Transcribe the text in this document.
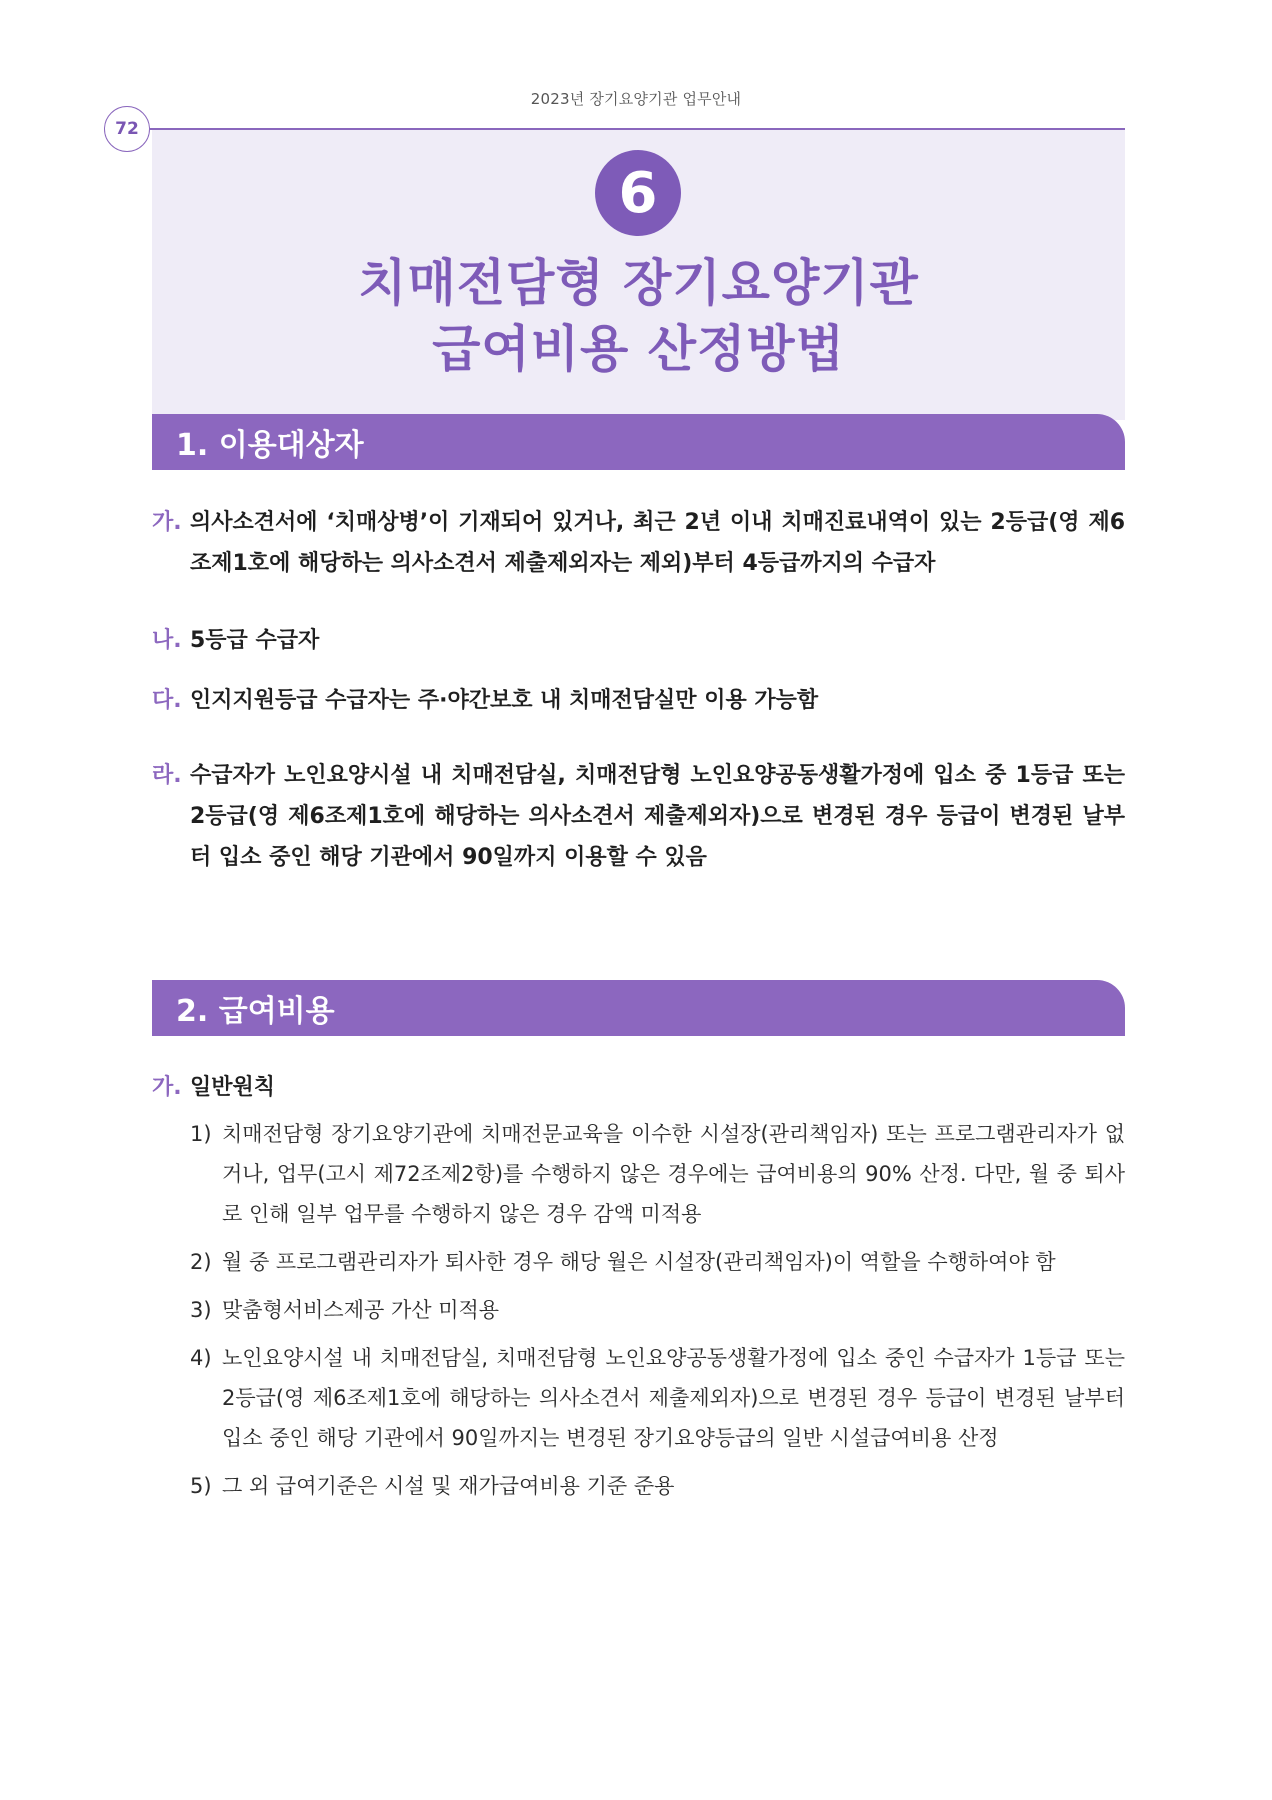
2023년 장기요양기관 업무안내
72
6
치매전담형 장기요양기관
급여비용 산정방법
1. 이용대상자

가. 의사소견서에 ‘치매상병’이 기재되어 있거나, 최근 2년 이내 치매진료내역이 있는 2등급(영 제6조제1호에 해당하는 의사소견서 제출제외자는 제외)부터 4등급까지의 수급자

나. 5등급 수급자

다. 인지지원등급 수급자는 주·야간보호 내 치매전담실만 이용 가능함

라. 수급자가 노인요양시설 내 치매전담실, 치매전담형 노인요양공동생활가정에 입소 중 1등급 또는 2등급(영 제6조제1호에 해당하는 의사소견서 제출제외자)으로 변경된 경우 등급이 변경된 날부터 입소 중인 해당 기관에서 90일까지 이용할 수 있음

2. 급여비용

가. 일반원칙

1) 치매전담형 장기요양기관에 치매전문교육을 이수한 시설장(관리책임자) 또는 프로그램관리자가 없거나, 업무(고시 제72조제2항)를 수행하지 않은 경우에는 급여비용의 90% 산정. 다만, 월 중 퇴사로 인해 일부 업무를 수행하지 않은 경우 감액 미적용

2) 월 중 프로그램관리자가 퇴사한 경우 해당 월은 시설장(관리책임자)이 역할을 수행하여야 함

3) 맞춤형서비스제공 가산 미적용

4) 노인요양시설 내 치매전담실, 치매전담형 노인요양공동생활가정에 입소 중인 수급자가 1등급 또는 2등급(영 제6조제1호에 해당하는 의사소견서 제출제외자)으로 변경된 경우 등급이 변경된 날부터 입소 중인 해당 기관에서 90일까지는 변경된 장기요양등급의 일반 시설급여비용 산정

5) 그 외 급여기준은 시설 및 재가급여비용 기준 준용
